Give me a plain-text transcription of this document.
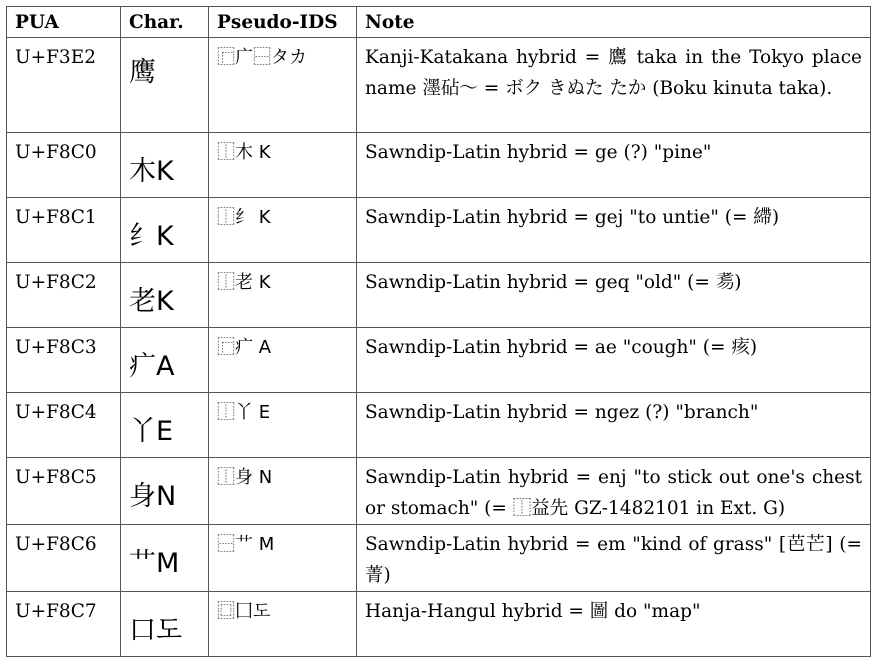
PUA	Char.	Pseudo-IDS	Note
U+F3E2	鹰	⿸广⿱タカ	Kanji-Katakana hybrid = 鷹 taka in the Tokyo place name 濹砧～ = ボク きぬた たか (Boku kinuta taka).
U+F8C0	木K	⿰木 K	Sawndip-Latin hybrid = ge (?) "pine"
U+F8C1	纟K	⿰纟 K	Sawndip-Latin hybrid = gej "to untie" (= 𦄂)
U+F8C2	老K	⿰老 K	Sawndip-Latin hybrid = geq "old" (= 𦒸)
U+F8C3	疒A	⿸疒 A	Sawndip-Latin hybrid = ae "cough" (= 痎)
U+F8C4	丫E	⿰丫 E	Sawndip-Latin hybrid = ngez (?) "branch"
U+F8C5	身N	⿰身 N	Sawndip-Latin hybrid = enj "to stick out one's chest or stomach" (= ⿰益先 GZ-1482101 in Ext. G)
U+F8C6	艹M	⿱艹 M	Sawndip-Latin hybrid = em "kind of grass" [芭芒] (= 菁)
U+F8C7	口도	⿴囗도	Hanja-Hangul hybrid = 圖 do "map"
